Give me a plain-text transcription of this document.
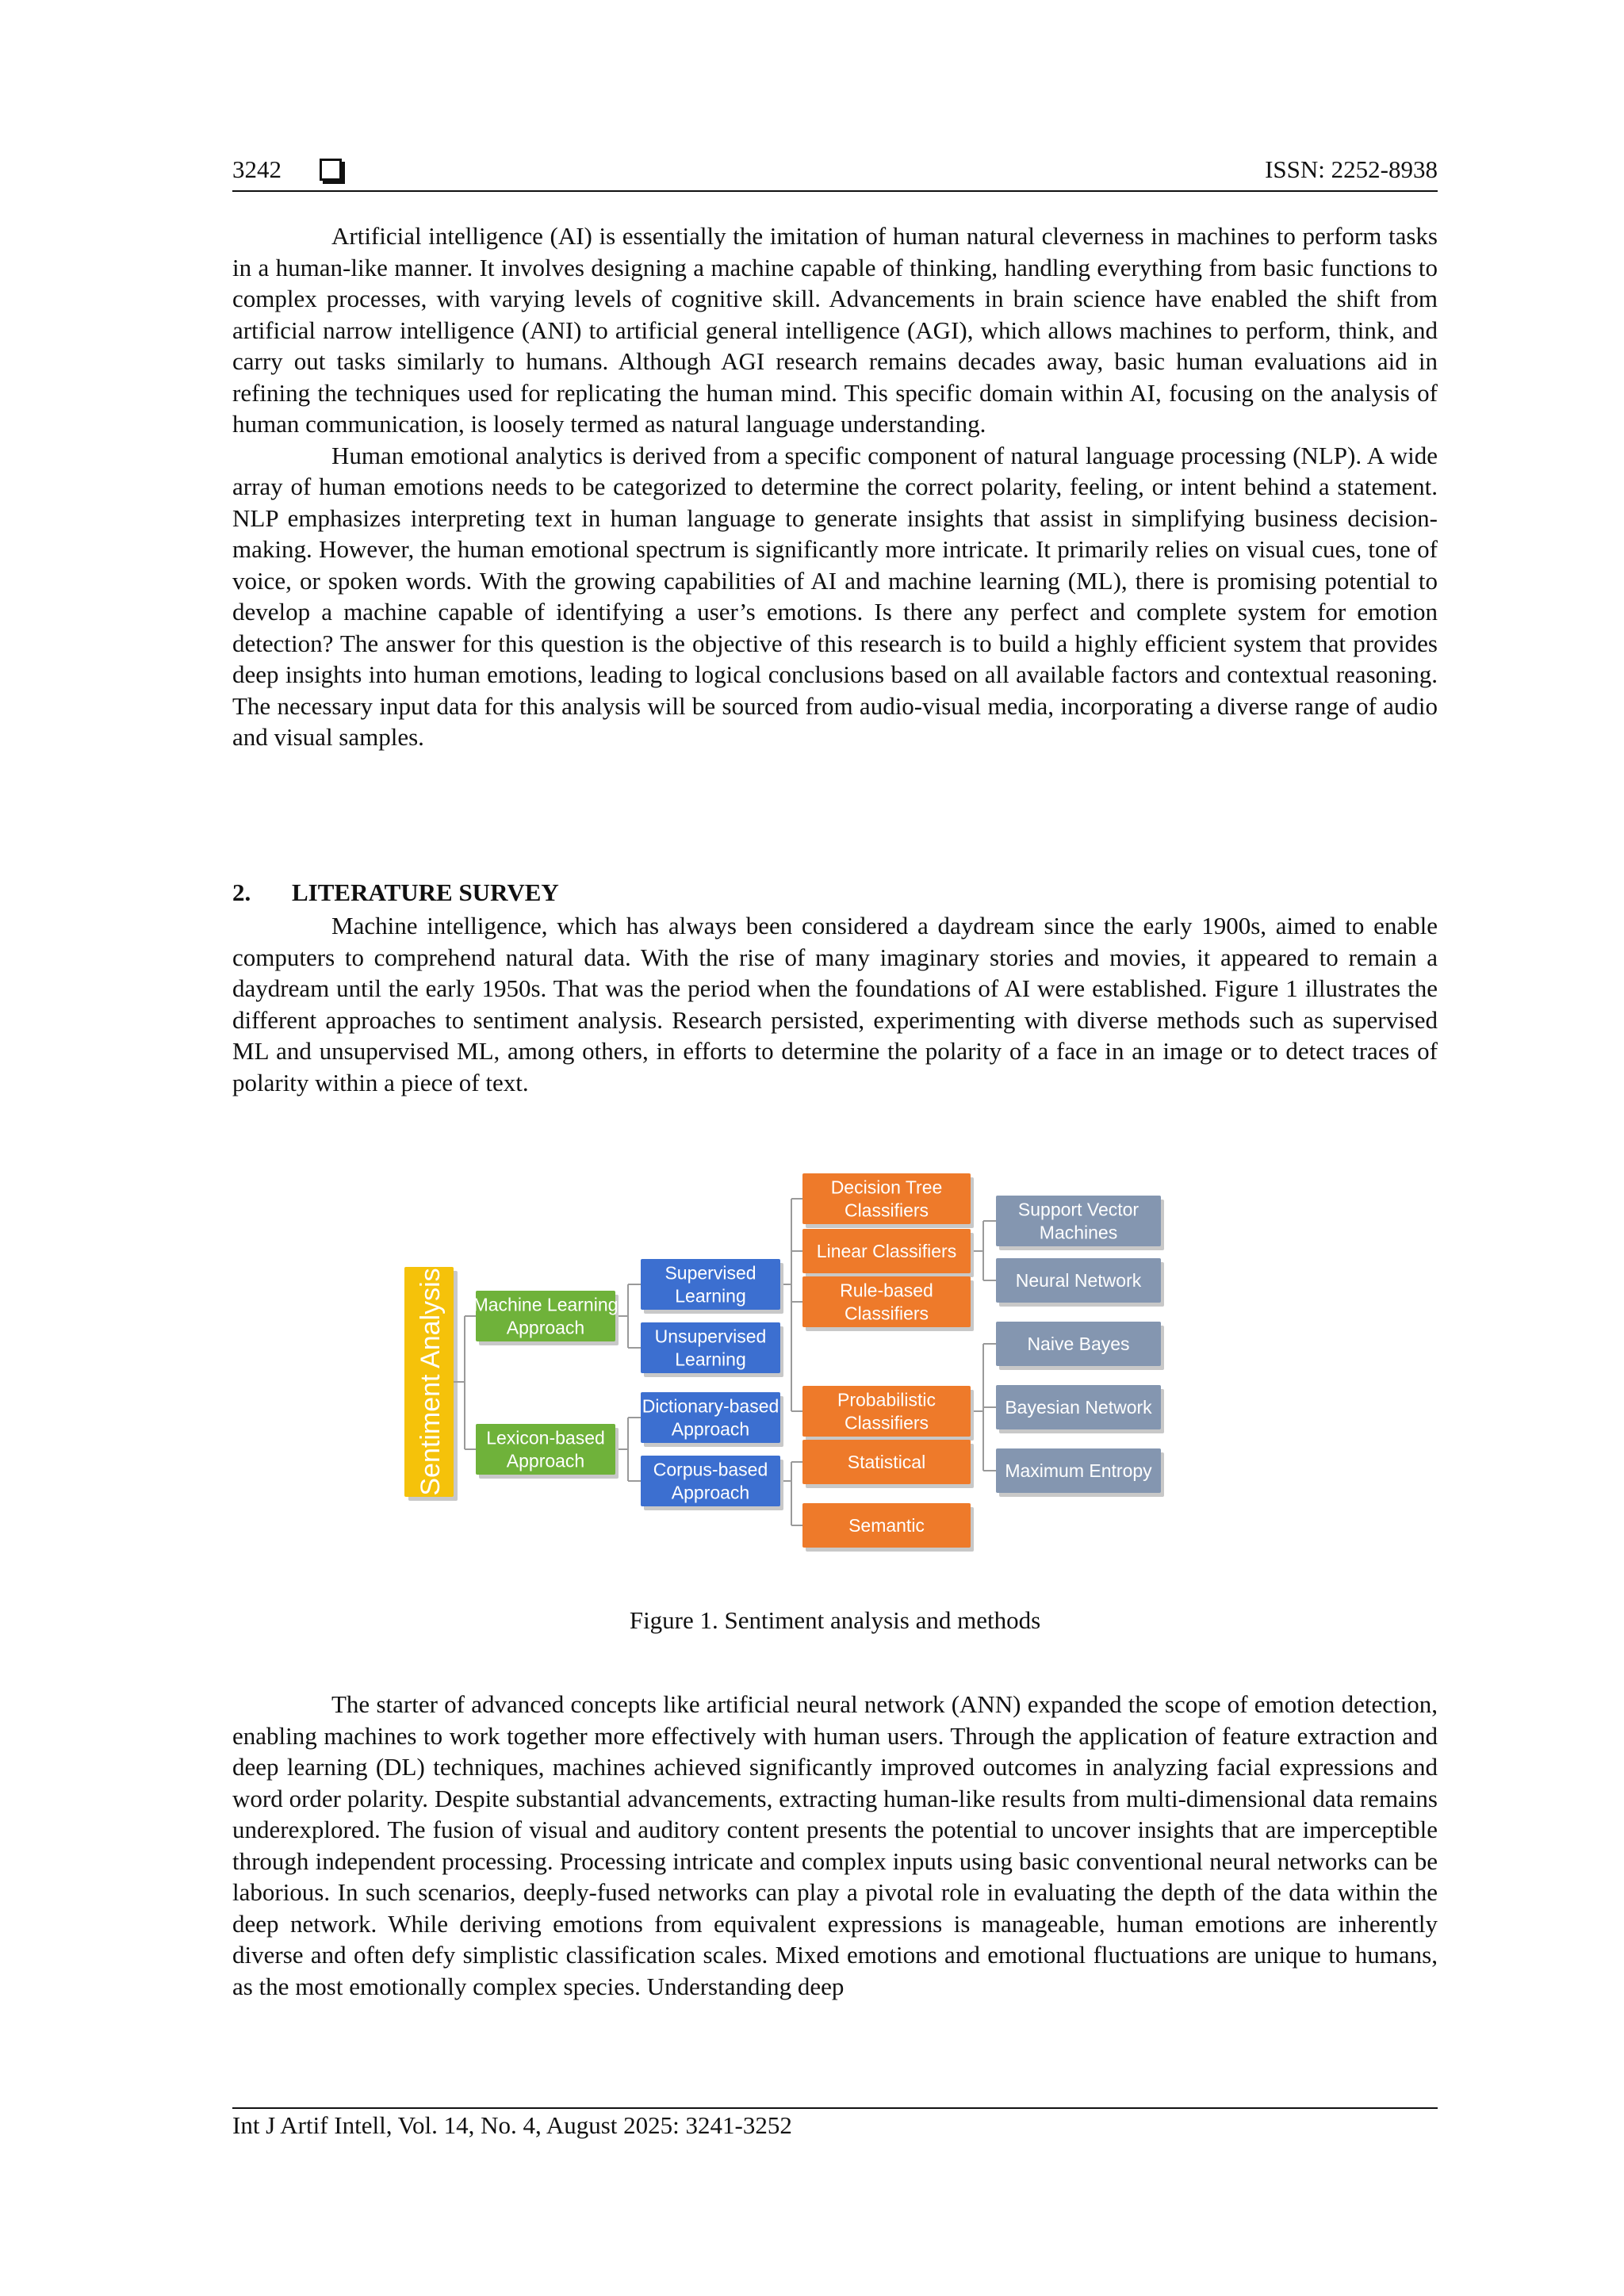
3242	ISSN: 2252-8938

Artificial intelligence (AI) is essentially the imitation of human natural cleverness in machines to perform tasks in a human-like manner. It involves designing a machine capable of thinking, handling everything from basic functions to complex processes, with varying levels of cognitive skill. Advancements in brain science have enabled the shift from artificial narrow intelligence (ANI) to artificial general intelligence (AGI), which allows machines to perform, think, and carry out tasks similarly to humans. Although AGI research remains decades away, basic human evaluations aid in refining the techniques used for replicating the human mind. This specific domain within AI, focusing on the analysis of human communication, is loosely termed as natural language understanding.

Human emotional analytics is derived from a specific component of natural language processing (NLP). A wide array of human emotions needs to be categorized to determine the correct polarity, feeling, or intent behind a statement. NLP emphasizes interpreting text in human language to generate insights that assist in simplifying business decision-making. However, the human emotional spectrum is significantly more intricate. It primarily relies on visual cues, tone of voice, or spoken words. With the growing capabilities of AI and machine learning (ML), there is promising potential to develop a machine capable of identifying a user’s emotions. Is there any perfect and complete system for emotion detection? The answer for this question is the objective of this research is to build a highly efficient system that provides deep insights into human emotions, leading to logical conclusions based on all available factors and contextual reasoning. The necessary input data for this analysis will be sourced from audio-visual media, incorporating a diverse range of audio and visual samples.

2. LITERATURE SURVEY

Machine intelligence, which has always been considered a daydream since the early 1900s, aimed to enable computers to comprehend natural data. With the rise of many imaginary stories and movies, it appeared to remain a daydream until the early 1950s. That was the period when the foundations of AI were established. Figure 1 illustrates the different approaches to sentiment analysis. Research persisted, experimenting with diverse methods such as supervised ML and unsupervised ML, among others, in efforts to determine the polarity of a face in an image or to detect traces of polarity within a piece of text.

Sentiment Analysis Machine Learning
Approach
Lexicon-based
Approach
Supervised
Learning
Unsupervised
Learning
Dictionary-based
Approach
Corpus-based
Approach
Decision Tree
Classifiers
Linear Classifiers
Rule-based
Classifiers
Probabilistic
Classifiers
Statistical
Semantic
Support Vector
Machines
Neural Network
Naive Bayes
Bayesian Network
Maximum Entropy
Figure 1. Sentiment analysis and methods

The starter of advanced concepts like artificial neural network (ANN) expanded the scope of emotion detection, enabling machines to work together more effectively with human users. Through the application of feature extraction and deep learning (DL) techniques, machines achieved significantly improved outcomes in analyzing facial expressions and word order polarity. Despite substantial advancements, extracting human-like results from multi-dimensional data remains underexplored. The fusion of visual and auditory content presents the potential to uncover insights that are imperceptible through independent processing. Processing intricate and complex inputs using basic conventional neural networks can be laborious. In such scenarios, deeply-fused networks can play a pivotal role in evaluating the depth of the data within the deep network. While deriving emotions from equivalent expressions is manageable, human emotions are inherently diverse and often defy simplistic classification scales. Mixed emotions and emotional fluctuations are unique to humans, as the most emotionally complex species. Understanding deep

Int J Artif Intell, Vol. 14, No. 4, August 2025: 3241-3252
